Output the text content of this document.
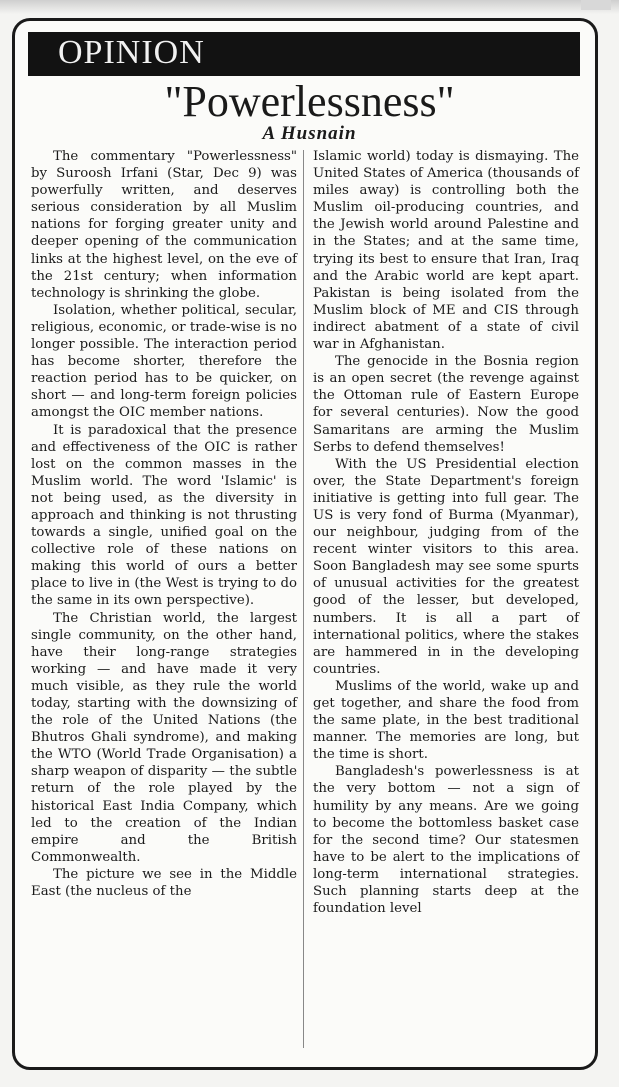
OPINION
"Powerlessness"
A Husnain

The commentary "Powerlessness" by Suroosh Irfani (Star, Dec 9) was powerfully written, and deserves serious consideration by all Muslim nations for forging greater unity and deeper opening of the communication links at the highest level, on the eve of the 21st century; when information technology is shrinking the globe.

Isolation, whether political, secular, religious, economic, or trade-wise is no longer possible. The interaction period has become shorter, therefore the reaction period has to be quicker, on short — and long-term foreign policies amongst the OIC member nations.

It is paradoxical that the presence and effectiveness of the OIC is rather lost on the common masses in the Muslim world. The word 'Islamic' is not being used, as the diversity in approach and thinking is not thrusting towards a single, unified goal on the collective role of these nations on making this world of ours a better place to live in (the West is trying to do the same in its own perspective).

The Christian world, the largest single community, on the other hand, have their long-range strategies working — and have made it very much visible, as they rule the world today, starting with the downsizing of the role of the United Nations (the Bhutros Ghali syndrome), and making the WTO (World Trade Organisation) a sharp weapon of disparity — the subtle return of the role played by the historical East India Company, which led to the creation of the Indian empire and the British Commonwealth.

The picture we see in the Middle East (the nucleus of the

Islamic world) today is dismaying. The United States of America (thousands of miles away) is controlling both the Muslim oil-producing countries, and the Jewish world around Palestine and in the States; and at the same time, trying its best to ensure that Iran, Iraq and the Arabic world are kept apart. Pakistan is being isolated from the Muslim block of ME and CIS through indirect abatment of a state of civil war in Afghanistan.

The genocide in the Bosnia region is an open secret (the revenge against the Ottoman rule of Eastern Europe for several centuries). Now the good Samaritans are arming the Muslim Serbs to defend themselves!

With the US Presidential election over, the State Department's foreign initiative is getting into full gear. The US is very fond of Burma (Myanmar), our neighbour, judging from of the recent winter visitors to this area. Soon Bangladesh may see some spurts of unusual activities for the greatest good of the lesser, but developed, numbers. It is all a part of international politics, where the stakes are hammered in in the developing countries.

Muslims of the world, wake up and get together, and share the food from the same plate, in the best traditional manner. The memories are long, but the time is short.

Bangladesh's powerlessness is at the very bottom — not a sign of humility by any means. Are we going to become the bottomless basket case for the second time? Our statesmen have to be alert to the implications of long-term international strategies. Such planning starts deep at the foundation level
